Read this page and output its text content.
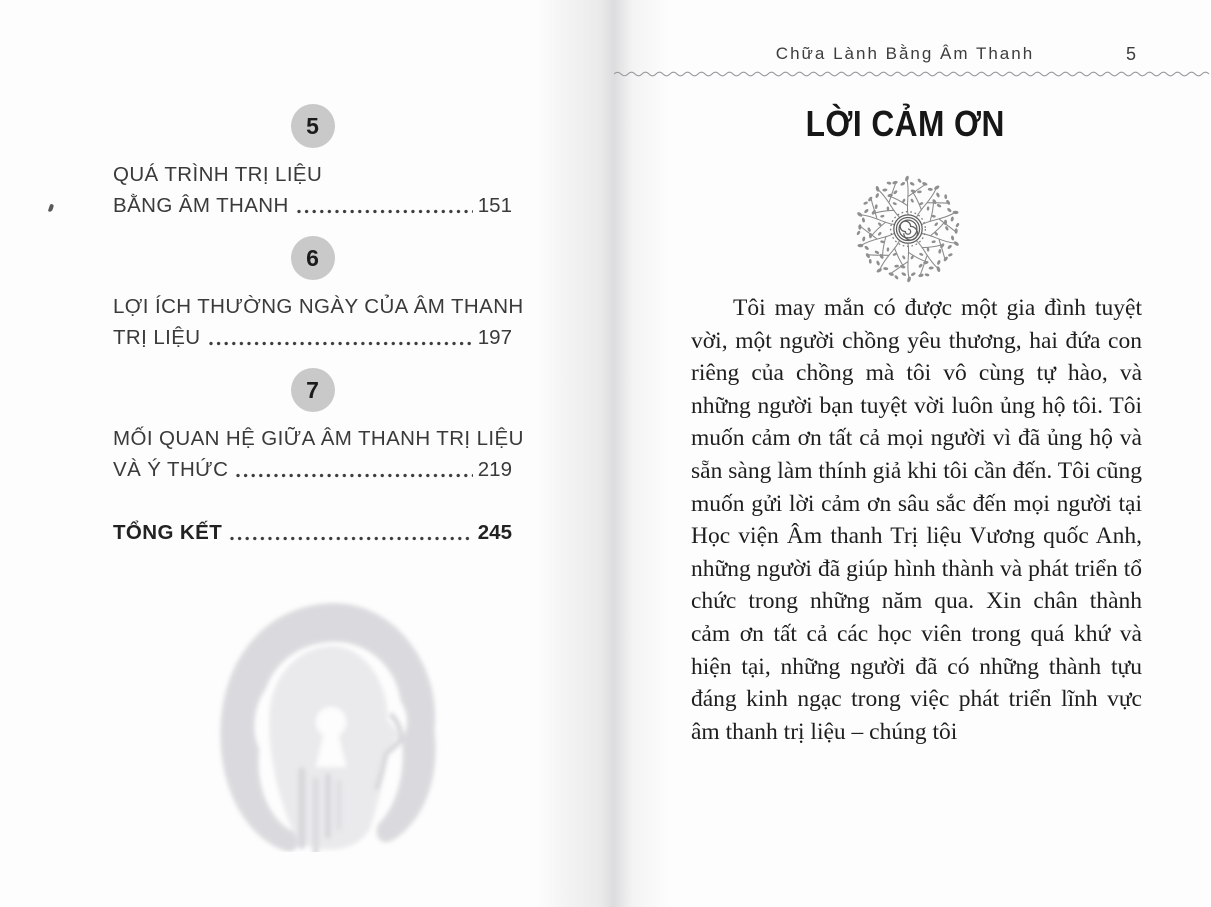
Chữa Lành Bằng Âm Thanh	5
5
QUÁ TRÌNH TRỊ LIỆU
BẰNG ÂM THANH	151
6
LỢI ÍCH THƯỜNG NGÀY CỦA ÂM THANH
TRỊ LIỆU	197
7
MỐI QUAN HỆ GIỮA ÂM THANH TRỊ LIỆU
VÀ Ý THỨC	219
TỔNG KẾT	245
LỜI CẢM ƠN
Tôi may mắn có được một gia đình tuyệt vời, một người chồng yêu thương, hai đứa con riêng của chồng mà tôi vô cùng tự hào, và những người bạn tuyệt vời luôn ủng hộ tôi. Tôi muốn cảm ơn tất cả mọi người vì đã ủng hộ và sẵn sàng làm thính giả khi tôi cần đến. Tôi cũng muốn gửi lời cảm ơn sâu sắc đến mọi người tại Học viện Âm thanh Trị liệu Vương quốc Anh, những người đã giúp hình thành và phát triển tổ chức trong những năm qua. Xin chân thành cảm ơn tất cả các học viên trong quá khứ và hiện tại, những người đã có những thành tựu đáng kinh ngạc trong việc phát triển lĩnh vực âm thanh trị liệu – chúng tôi
